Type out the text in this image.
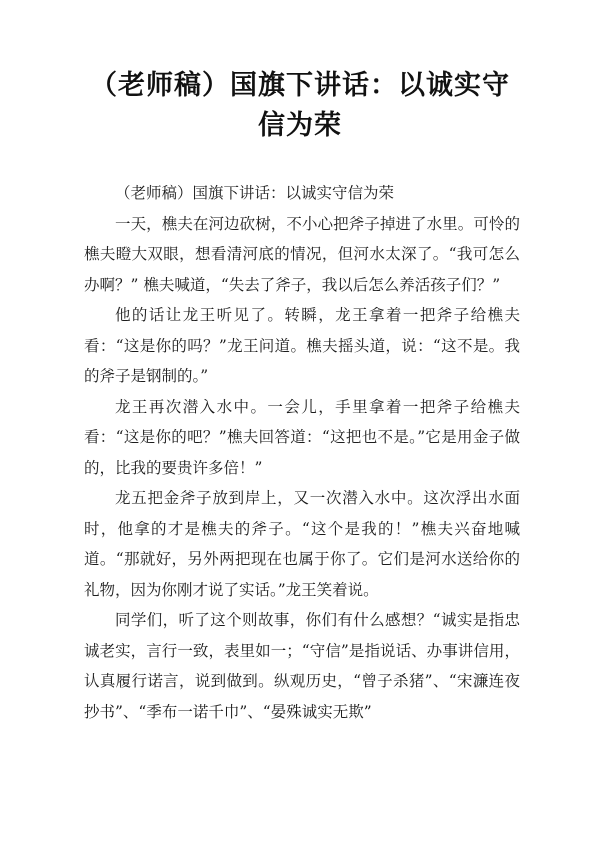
（老师稿）国旗下讲话：以诚实守信为荣

（老师稿）国旗下讲话：以诚实守信为荣

一天，樵夫在河边砍树，不小心把斧子掉进了水里。可怜的樵夫瞪大双眼，想看清河底的情况，但河水太深了。“我可怎么办啊？” 樵夫喊道，“失去了斧子，我以后怎么养活孩子们？”

他的话让龙王听见了。转瞬，龙王拿着一把斧子给樵夫看：“这是你的吗？”龙王问道。樵夫摇头道，说：“这不是。我的斧子是钢制的。”

龙王再次潜入水中。一会儿，手里拿着一把斧子给樵夫看：“这是你的吧？”樵夫回答道：“这把也不是。”它是用金子做的，比我的要贵许多倍！”

龙五把金斧子放到岸上，又一次潜入水中。这次浮出水面时，他拿的才是樵夫的斧子。“这个是我的！”樵夫兴奋地喊道。“那就好，另外两把现在也属于你了。它们是河水送给你的礼物，因为你刚才说了实话。”龙王笑着说。

同学们，听了这个则故事，你们有什么感想？“诚实是指忠诚老实，言行一致，表里如一；“守信”是指说话、办事讲信用，认真履行诺言，说到做到。纵观历史，“曾子杀猪”、“宋濂连夜抄书”、“季布一诺千巾”、“晏殊诚实无欺”
